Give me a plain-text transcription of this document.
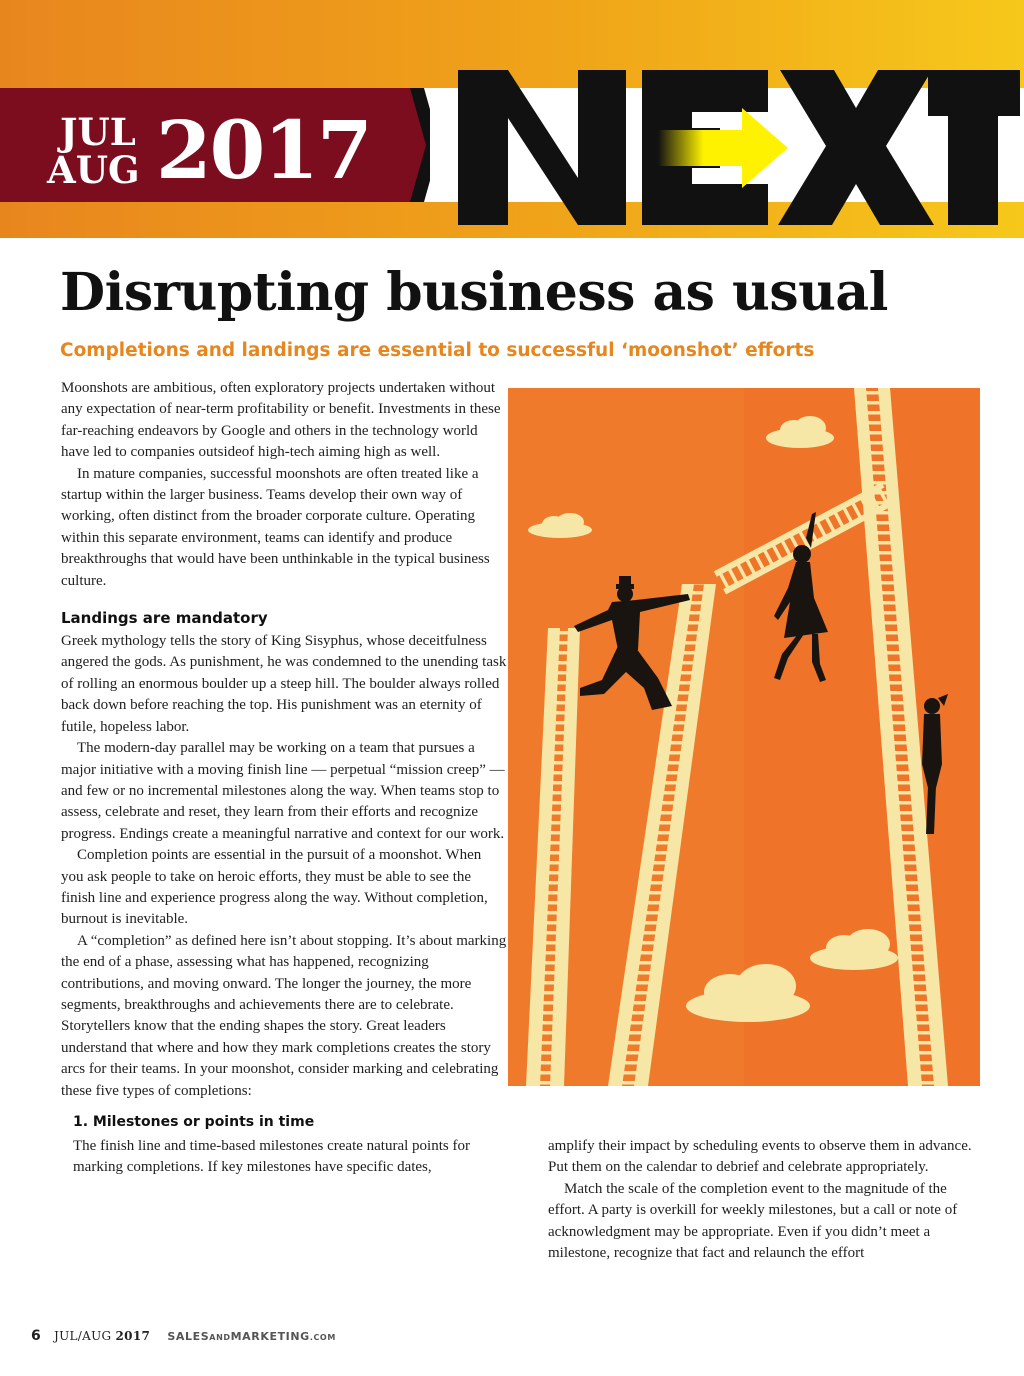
JUL
AUG 2017
Disrupting business as usual
Completions and landings are essential to successful ‘moonshot’ efforts

Moonshots are ambitious, often exploratory projects undertaken without any expectation of near-term profitability or benefit. Investments in these far-reaching endeavors by Google and others in the technology world have led to companies outsideof high-tech aiming high as well.

In mature companies, successful moonshots are often treated like a startup within the larger business. Teams develop their own way of working, often distinct from the broader corporate culture. Operating within this separate environment, teams can identify and produce breakthroughs that would have been unthinkable in the typical business culture.

Landings are mandatory

Greek mythology tells the story of King Sisyphus, whose deceitfulness angered the gods. As punishment, he was condemned to the unending task of rolling an enormous boulder up a steep hill. The boulder always rolled back down before reaching the top. His punishment was an eternity of futile, hopeless labor.

The modern-day parallel may be working on a team that pursues a major initiative with a moving finish line — perpetual “mission creep” — and few or no incremental milestones along the way. When teams stop to assess, celebrate and reset, they learn from their efforts and recognize progress. Endings create a meaningful narrative and context for our work.

Completion points are essential in the pursuit of a moonshot. When you ask people to take on heroic efforts, they must be able to see the finish line and experience progress along the way. Without completion, burnout is inevitable.

A “completion” as defined here isn’t about stopping. It’s about marking the end of a phase, assessing what has happened, recognizing contributions, and moving onward. The longer the journey, the more segments, breakthroughs and achievements there are to celebrate. Storytellers know that the ending shapes the story. Great leaders understand that where and how they mark completions creates the story arcs for their teams. In your moonshot, consider marking and celebrating these five types of completions:

1. Milestones or points in time

The finish line and time-based milestones create natural points for marking completions. If key milestones have specific dates,

amplify their impact by scheduling events to observe them in advance. Put them on the calendar to debrief and celebrate appropriately.

Match the scale of the completion event to the magnitude of the effort. A party is overkill for weekly milestones, but a call or note of acknowledgment may be appropriate. Even if you didn’t meet a milestone, recognize that fact and relaunch the effort

6 JUL/AUG 2017 SALESANDMARKETING.COM
